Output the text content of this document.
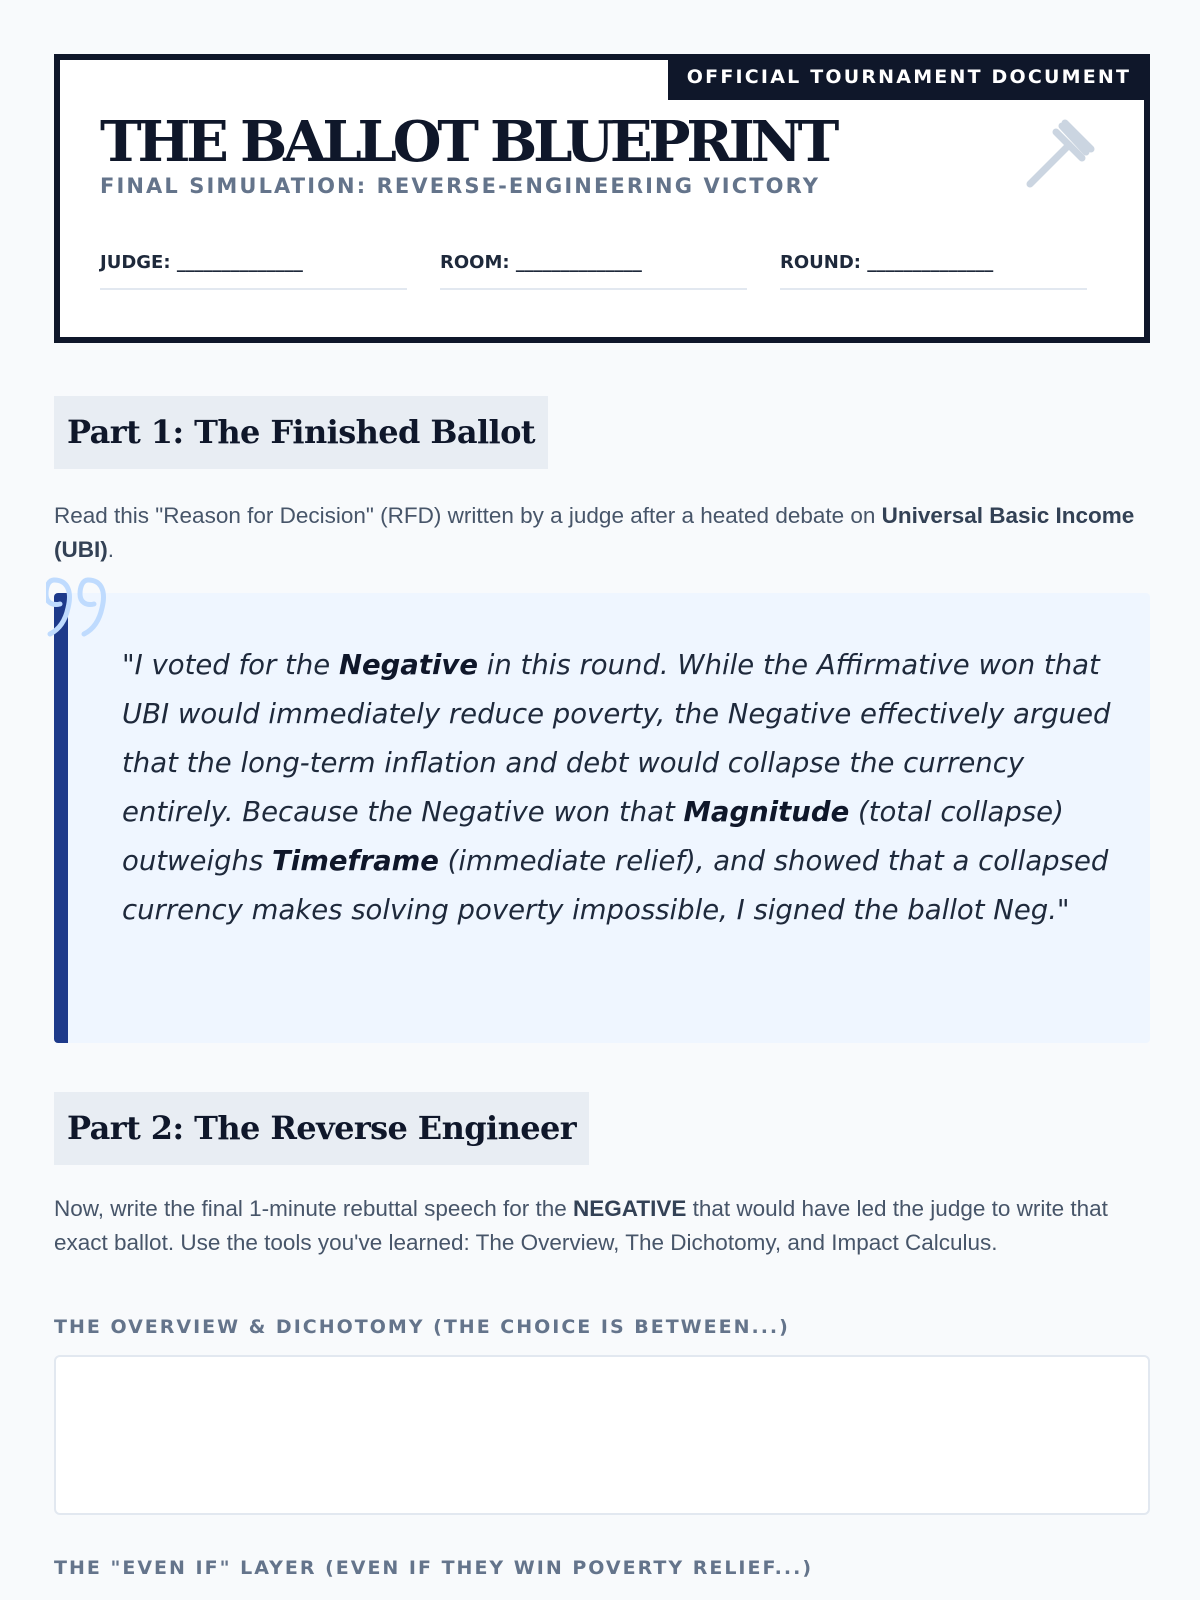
OFFICIAL TOURNAMENT DOCUMENT
THE BALLOT BLUEPRINT
FINAL SIMULATION: REVERSE-ENGINEERING VICTORY
JUDGE: ______________	ROOM: ______________	ROUND: ______________
Part 1: The Finished Ballot
Read this "Reason for Decision" (RFD) written by a judge after a heated debate on Universal Basic Income (UBI).
"I voted for the Negative in this round. While the Affirmative won that UBI would immediately reduce poverty, the Negative effectively argued that the long-term inflation and debt would collapse the currency entirely. Because the Negative won that Magnitude (total collapse) outweighs Timeframe (immediate relief), and showed that a collapsed currency makes solving poverty impossible, I signed the ballot Neg."
Part 2: The Reverse Engineer
Now, write the final 1-minute rebuttal speech for the NEGATIVE that would have led the judge to write that exact ballot. Use the tools you've learned: The Overview, The Dichotomy, and Impact Calculus.
THE OVERVIEW & DICHOTOMY (THE CHOICE IS BETWEEN...)
THE "EVEN IF" LAYER (EVEN IF THEY WIN POVERTY RELIEF...)
